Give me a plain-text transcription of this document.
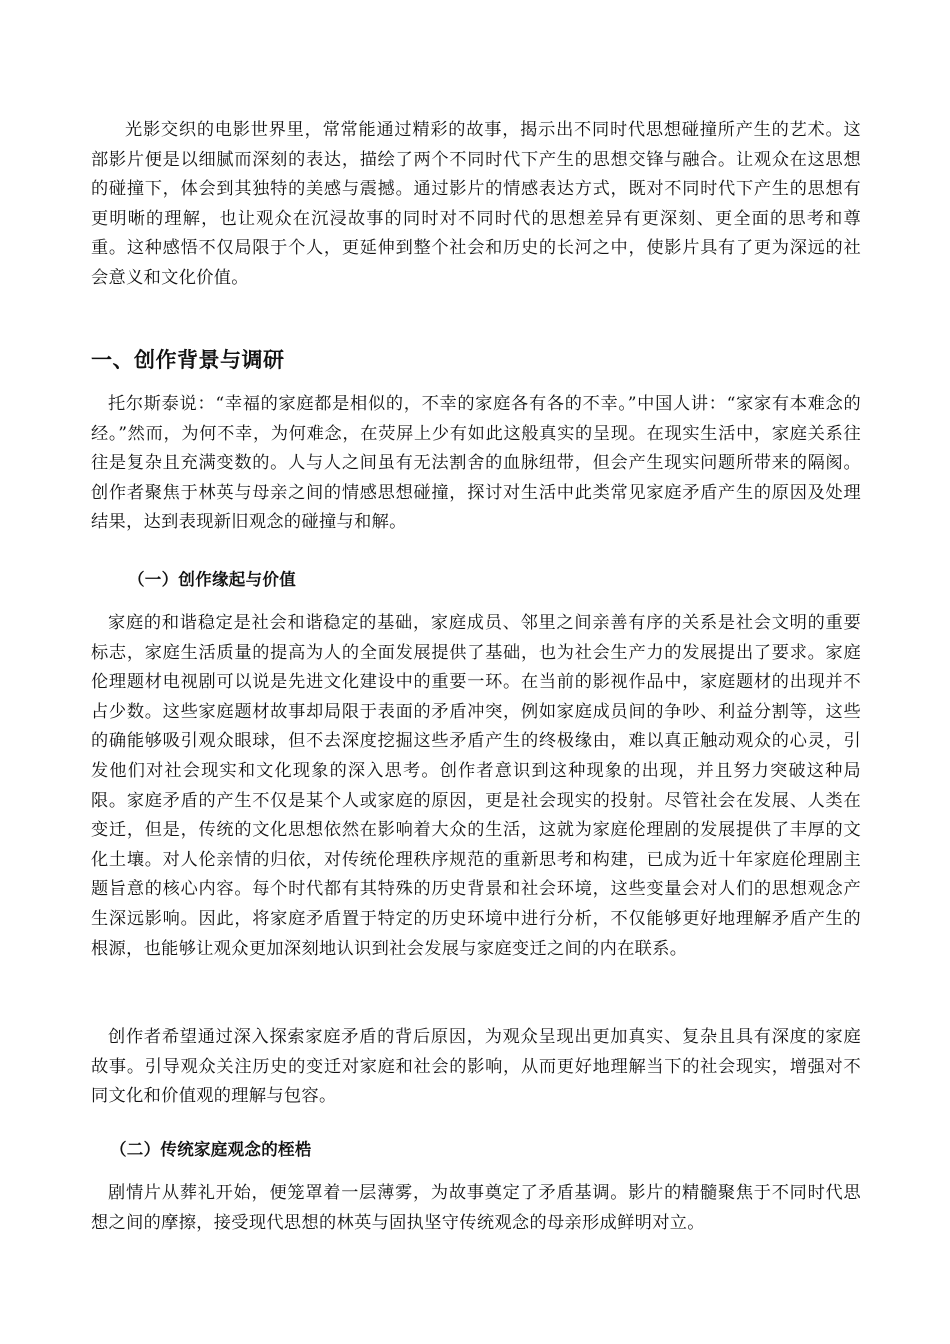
光影交织的电影世界里，常常能通过精彩的故事，揭示出不同时代思想碰撞所产生的艺术。这部影片便是以细腻而深刻的表达，描绘了两个不同时代下产生的思想交锋与融合。让观众在这思想的碰撞下，体会到其独特的美感与震撼。通过影片的情感表达方式，既对不同时代下产生的思想有更明晰的理解，也让观众在沉浸故事的同时对不同时代的思想差异有更深刻、更全面的思考和尊重。这种感悟不仅局限于个人，更延伸到整个社会和历史的长河之中，使影片具有了更为深远的社会意义和文化价值。

一、创作背景与调研

托尔斯泰说：“幸福的家庭都是相似的，不幸的家庭各有各的不幸。”中国人讲：“家家有本难念的经。”然而，为何不幸，为何难念，在荧屏上少有如此这般真实的呈现。在现实生活中，家庭关系往往是复杂且充满变数的。人与人之间虽有无法割舍的血脉纽带，但会产生现实问题所带来的隔阂。创作者聚焦于林英与母亲之间的情感思想碰撞，探讨对生活中此类常见家庭矛盾产生的原因及处理结果，达到表现新旧观念的碰撞与和解。

（一）创作缘起与价值

家庭的和谐稳定是社会和谐稳定的基础，家庭成员、邻里之间亲善有序的关系是社会文明的重要标志，家庭生活质量的提高为人的全面发展提供了基础，也为社会生产力的发展提出了要求。家庭伦理题材电视剧可以说是先进文化建设中的重要一环。在当前的影视作品中，家庭题材的出现并不占少数。这些家庭题材故事却局限于表面的矛盾冲突，例如家庭成员间的争吵、利益分割等，这些的确能够吸引观众眼球，但不去深度挖掘这些矛盾产生的终极缘由，难以真正触动观众的心灵，引发他们对社会现实和文化现象的深入思考。创作者意识到这种现象的出现，并且努力突破这种局限。家庭矛盾的产生不仅是某个人或家庭的原因，更是社会现实的投射。尽管社会在发展、人类在变迁，但是，传统的文化思想依然在影响着大众的生活，这就为家庭伦理剧的发展提供了丰厚的文化土壤。对人伦亲情的归依，对传统伦理秩序规范的重新思考和构建，已成为近十年家庭伦理剧主题旨意的核心内容。每个时代都有其特殊的历史背景和社会环境，这些变量会对人们的思想观念产生深远影响。因此，将家庭矛盾置于特定的历史环境中进行分析，不仅能够更好地理解矛盾产生的根源，也能够让观众更加深刻地认识到社会发展与家庭变迁之间的内在联系。

创作者希望通过深入探索家庭矛盾的背后原因，为观众呈现出更加真实、复杂且具有深度的家庭故事。引导观众关注历史的变迁对家庭和社会的影响，从而更好地理解当下的社会现实，增强对不同文化和价值观的理解与包容。

（二）传统家庭观念的桎梏

剧情片从葬礼开始，便笼罩着一层薄雾，为故事奠定了矛盾基调。影片的精髓聚焦于不同时代思想之间的摩擦，接受现代思想的林英与固执坚守传统观念的母亲形成鲜明对立。
